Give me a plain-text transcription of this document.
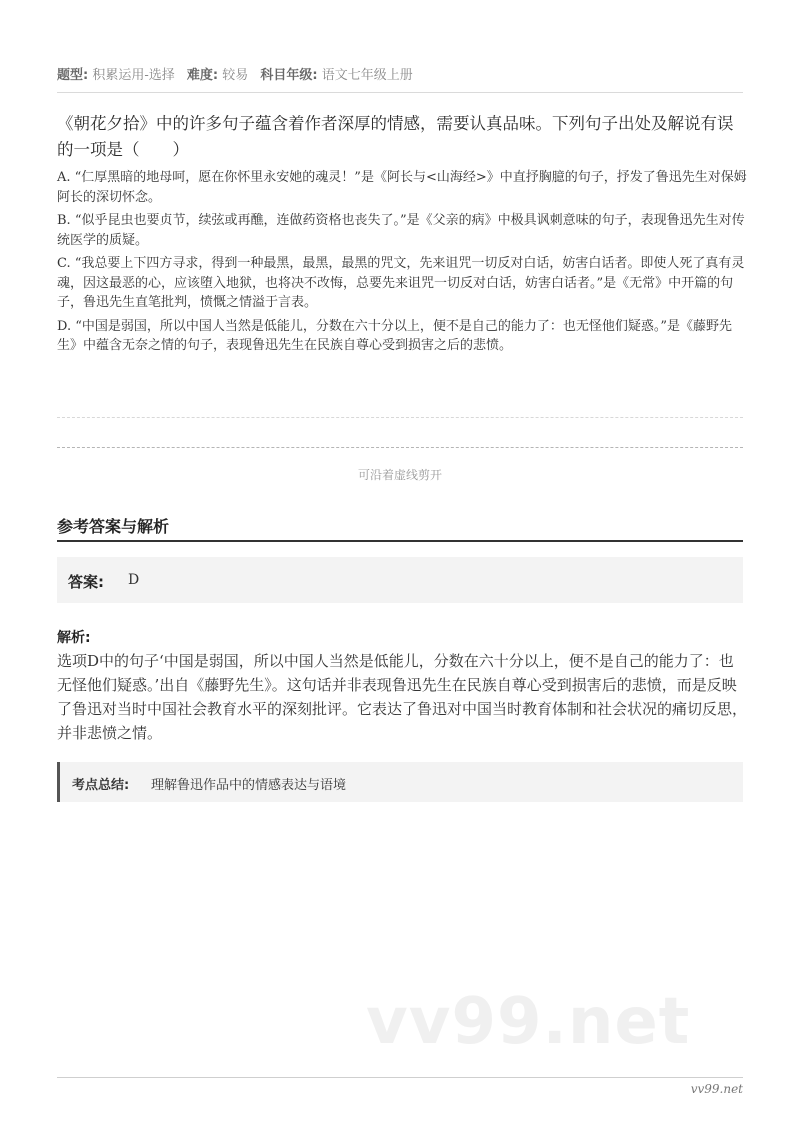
题型: 积累运用-选择 难度: 较易 科目年级: 语文七年级上册
《朝花夕拾》中的许多句子蕴含着作者深厚的情感，需要认真品味。下列句子出处及解说有误的一项是（　　）

A. “仁厚黑暗的地母呵，愿在你怀里永安她的魂灵！”是《阿长与<山海经>》中直抒胸臆的句子，抒发了鲁迅先生对保姆阿长的深切怀念。

B. “似乎昆虫也要贞节，续弦或再醮，连做药资格也丧失了。”是《父亲的病》中极具讽刺意味的句子，表现鲁迅先生对传统医学的质疑。

C. “我总要上下四方寻求，得到一种最黑，最黑，最黑的咒文，先来诅咒一切反对白话，妨害白话者。即使人死了真有灵魂，因这最恶的心，应该堕入地狱，也将决不改悔，总要先来诅咒一切反对白话，妨害白话者。”是《无常》中开篇的句子，鲁迅先生直笔批判，愤慨之情溢于言表。

D. “中国是弱国，所以中国人当然是低能儿，分数在六十分以上，便不是自己的能力了：也无怪他们疑惑。”是《藤野先生》中蕴含无奈之情的句子，表现鲁迅先生在民族自尊心受到损害之后的悲愤。

可沿着虚线剪开
参考答案与解析
答案: D
解析:
选项D中的句子‘中国是弱国，所以中国人当然是低能儿，分数在六十分以上，便不是自己的能力了：也无怪他们疑惑。’出自《藤野先生》。这句话并非表现鲁迅先生在民族自尊心受到损害后的悲愤，而是反映了鲁迅对当时中国社会教育水平的深刻批评。它表达了鲁迅对中国当时教育体制和社会状况的痛切反思，并非悲愤之情。
考点总结: 理解鲁迅作品中的情感表达与语境
vv99.net
vv99.net
